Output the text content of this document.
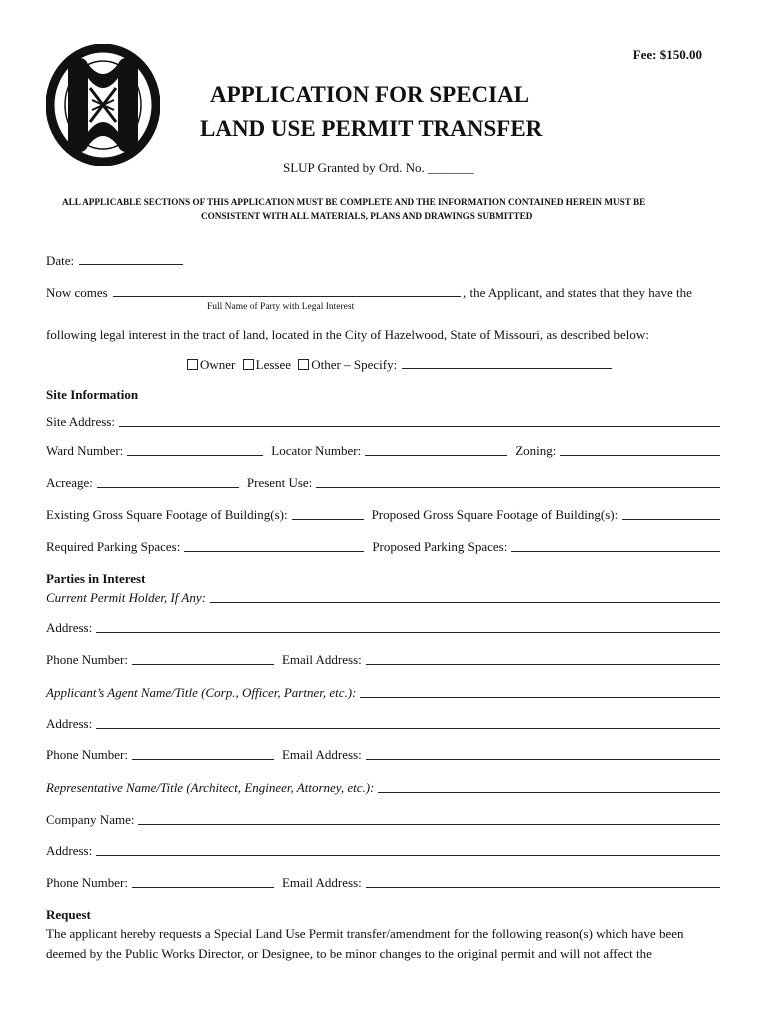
Fee: $150.00
APPLICATION FOR SPECIAL
LAND USE PERMIT TRANSFER
SLUP Granted by Ord. No. _______
ALL APPLICABLE SECTIONS OF THIS APPLICATION MUST BE COMPLETE AND THE INFORMATION CONTAINED HEREIN MUST BE
CONSISTENT WITH ALL MATERIALS, PLANS AND DRAWINGS SUBMITTED
Date:
Now comes	, the Applicant, and states that they have the
Full Name of Party with Legal Interest
following legal interest in the tract of land, located in the City of Hazelwood, State of Missouri, as described below:
Owner Lessee Other – Specify:
Site Information
Site Address:
Ward Number:	Locator Number:	Zoning:
Acreage:	Present Use:
Existing Gross Square Footage of Building(s):	Proposed Gross Square Footage of Building(s):
Required Parking Spaces:	Proposed Parking Spaces:
Parties in Interest
Current Permit Holder, If Any:
Address:
Phone Number:	Email Address:
Applicant’s Agent Name/Title (Corp., Officer, Partner, etc.):
Address:
Phone Number:	Email Address:
Representative Name/Title (Architect, Engineer, Attorney, etc.):
Company Name:
Address:
Phone Number:	Email Address:
Request
The applicant hereby requests a Special Land Use Permit transfer/amendment for the following reason(s) which have been
deemed by the Public Works Director, or Designee, to be minor changes to the original permit and will not affect the
